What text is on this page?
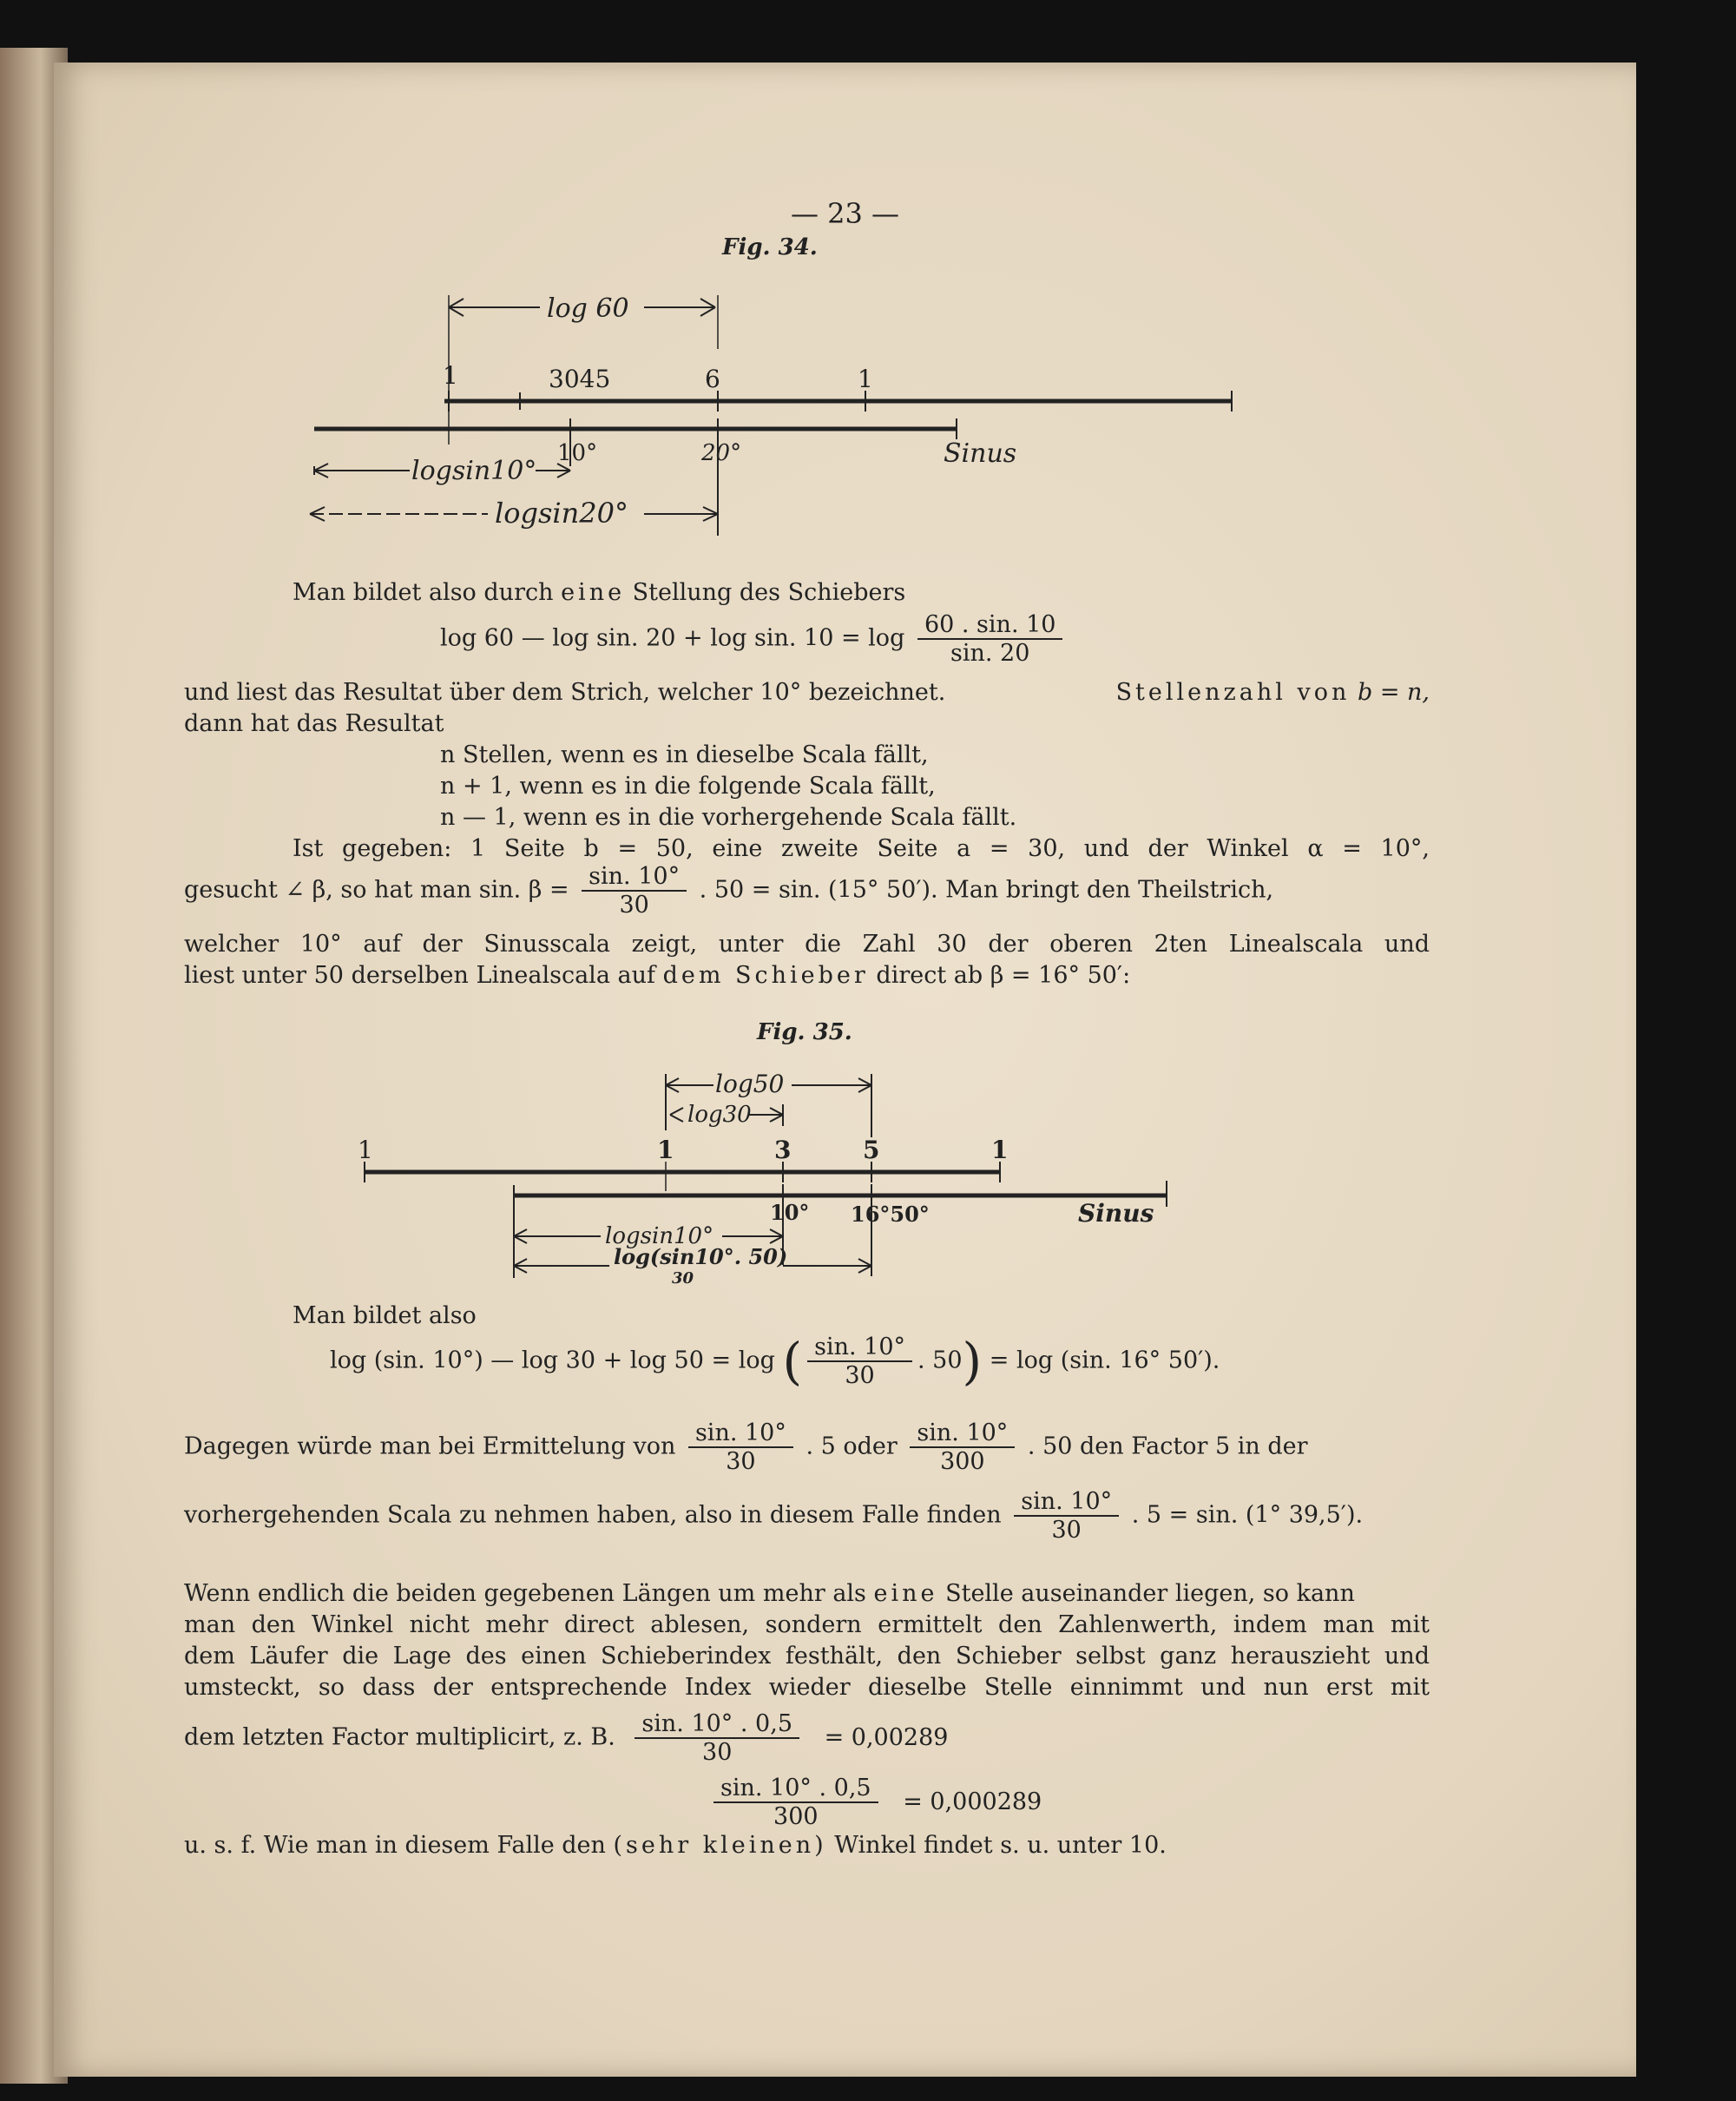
— 23 —
Fig. 34.
log 60
1	3045	6	1
10°	20°	Sinus
logsin10°
logsin20°
Man bildet also durch eine Stellung des Schiebers
log 60 — log sin. 20 + log sin. $10 = \log \frac{60 . \sin. 10}{\sin. 20}$
und liest das Resultat über dem Strich, welcher 10° bezeichnet.	Stellenzahl von b = n,
dann hat das Resultat
n Stellen, wenn es in dieselbe Scala fällt,
n + 1, wenn es in die folgende Scala fällt,
n — 1, wenn es in die vorhergehende Scala fällt.
Ist gegeben: 1 Seite b = 50, eine zweite Seite a = 30, und der Winkel α = 10°,
gesucht ∠ β, so hat man sin. $\beta = \frac{\sin. 10^\circ}{30}$ . 50 = sin. (15° 50′). Man bringt den Theilstrich,
welcher 10° auf der Sinusscala zeigt, unter die Zahl 30 der oberen 2ten Linealscala und
liest unter 50 derselben Linealscala auf dem Schieber direct ab β = 16° 50′:
Fig. 35.
log50
log30
1	1	3	5	1
10° 16°50°	Sinus
logsin10°
log(sin10°. 50)
30
Man bildet also
log (sin. 10°) — log 30 + log 50 = log ( $\frac{\sin. 10^\circ}{30}$ . 50) = log (sin. 16° 50′).
Dagegen würde man bei Ermittelung von $\frac{\sin. 10^\circ}{30}$ . 5 oder $\frac{\sin. 10^\circ}{300}$ . 50 den Factor 5 in der
vorhergehenden Scala zu nehmen haben, also in diesem Falle finden $\frac{\sin. 10^\circ}{30}$ . 5 = sin. (1° 39,5′).
Wenn endlich die beiden gegebenen Längen um mehr als eine Stelle auseinander liegen, so kann
man den Winkel nicht mehr direct ablesen, sondern ermittelt den Zahlenwerth, indem man mit
dem Läufer die Lage des einen Schieberindex festhält, den Schieber selbst ganz herauszieht und
umsteckt, so dass der entsprechende Index wieder dieselbe Stelle einnimmt und nun erst mit
dem letzten Factor multiplicirt, z. B. $\frac{\sin. 10^\circ . 0,5}{30} = 0,00289$
$\frac{\sin. 10^\circ . 0,5}{300} = 0,000289$
u. s. f. Wie man in diesem Falle den (sehr kleinen) Winkel findet s. u. unter 10.
